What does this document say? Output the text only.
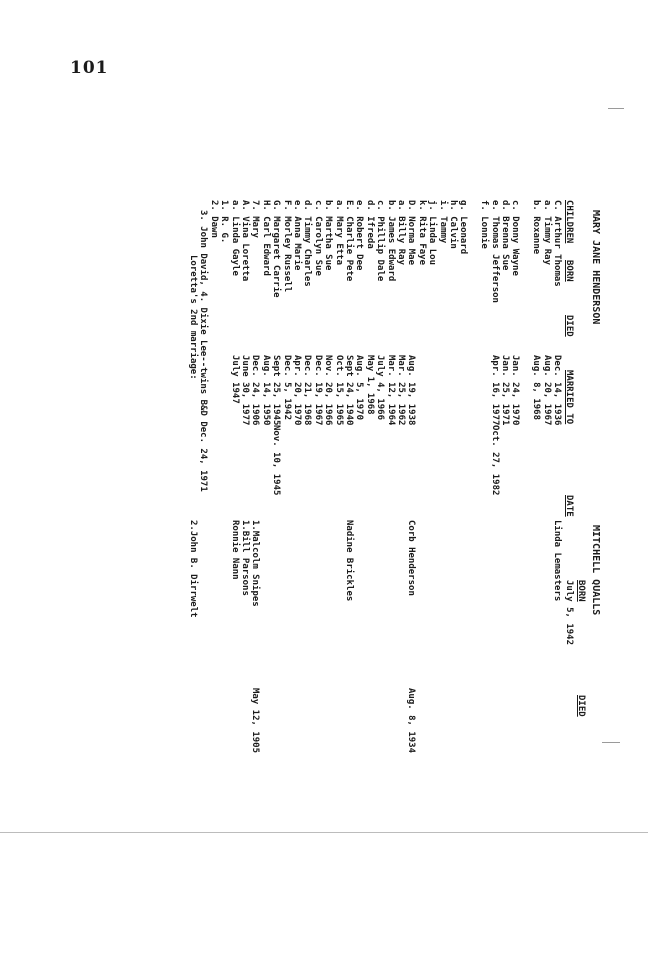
101
MARY JANE HENDERSON
MITCHELL QUALLS
BORN
DIED
July 5, 1942
CHILDREN
BORN
DIED
MARRIED TO
DATE
C. Arthur Thomas
Dec. 14, 1936
Linda Lemasters
a. Timmy Ray
Aug. 20, 1967
b. Roxanne
Aug. 8, 1968
c. Donny Wayne
Jan. 24, 1970
d. Brenna Sue
Jan. 25, 1971
e. Thomas Jefferson
Apr. 16, 1977
Oct. 27, 1982
f. Lonnie
g. Leonard
h. Calvin
i. Tammy
j. Linda Lou
k. Rita Faye
D. Norma Mae
Aug. 19, 1938
Corb Henderson
Aug. 8, 1934
a. Billy Ray
Mar. 25, 1962
b. James Edward
Mar. 12, 1964
c. Phillip Dale
July 4, 1966
d. Ifreda
May 1, 1968
e. Robert Dee
Aug. 5, 1970
E. Charlie Pete
Sept 24, 1940
Nadine Brickles
a. Mary Etta
Oct. 15, 1965
b. Martha Sue
Nov. 20, 1966
c. Carolyn Sue
Dec. 19, 1967
d. Timmy Charles
Dec. 21, 1968
e. Anna Marie
Apr. 20, 1970
F. Morley Russell
Dec. 5, 1942
G. Margaret Carrie
Sept 25, 1945
Nov. 10, 1945
H. Carl Edward
Aug. 14, 1950
7. Mary
Dec. 24, 1906
1.Malcolm Snipes
May 12, 1905
A. Vina Loretta
June 30, 1977
1.Bill Parsons
a. Linda Gayle
July 1947
Ronnie Nann
1. R. G.
2. Dawn
3. John David, 4. Dixie Lee--twins B&D Dec. 24, 1971
Loretta's 2nd marriage:
2.John B. Dirrwelt
